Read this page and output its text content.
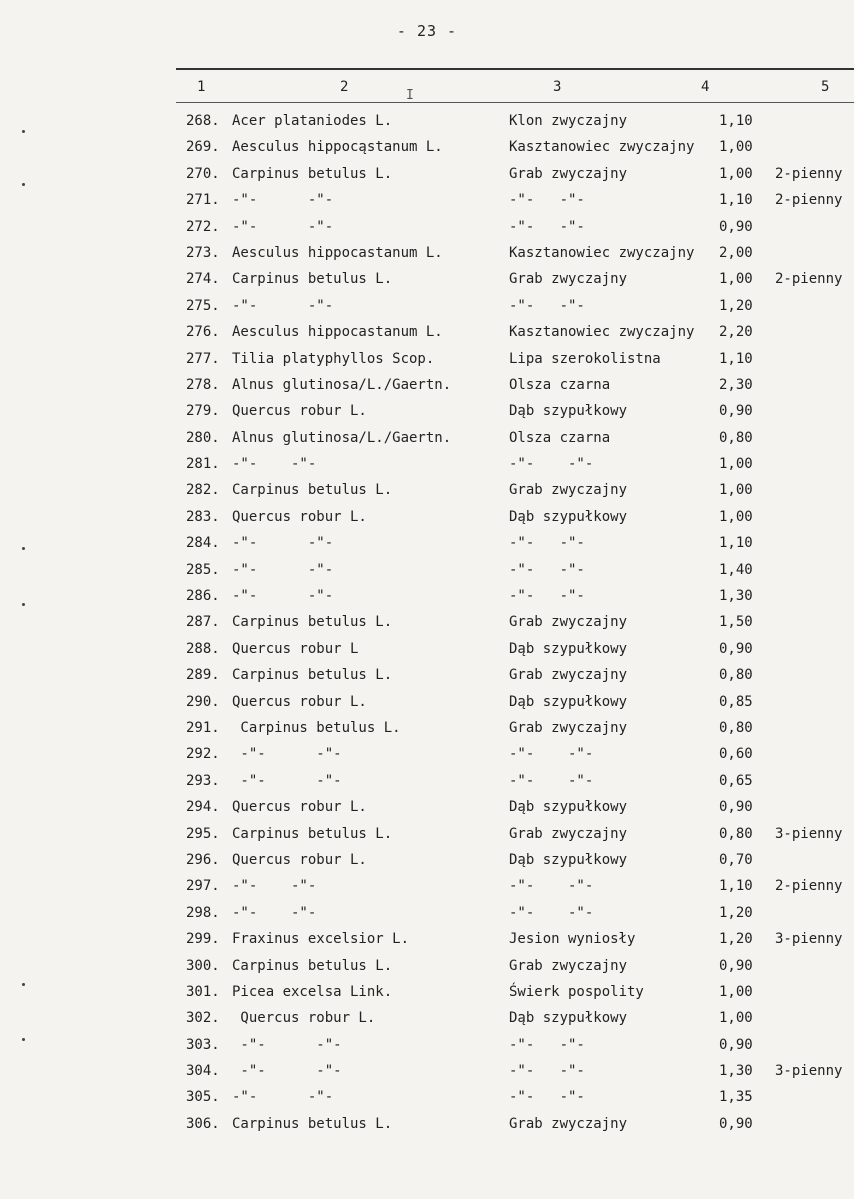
- 23 -
1	2	3	4	5
I
268. Acer plataniodes L.	Klon zwyczajny	1,10
269. Aesculus hippocąstanum L.	Kasztanowiec zwyczajny 1,00
270. Carpinus betulus L.	Grab zwyczajny	1,00 2-pienny
271. -"-      -"-	-"-   -"-	1,10 2-pienny
272. -"-      -"-	-"-   -"-	0,90
273. Aesculus hippocastanum L.	Kasztanowiec zwyczajny 2,00
274. Carpinus betulus L.	Grab zwyczajny	1,00 2-pienny
275. -"-      -"-	-"-   -"-	1,20
276. Aesculus hippocastanum L.	Kasztanowiec zwyczajny 2,20
277. Tilia platyphyllos Scop.	Lipa szerokolistna	1,10
278. Alnus glutinosa/L./Gaertn.	Olsza czarna	2,30
279. Quercus robur L.	Dąb szypułkowy	0,90
280. Alnus glutinosa/L./Gaertn.	Olsza czarna	0,80
281. -"-    -"-	-"-    -"-	1,00
282. Carpinus betulus L.	Grab zwyczajny	1,00
283. Quercus robur L.	Dąb szypułkowy	1,00
284. -"-      -"-	-"-   -"-	1,10
285. -"-      -"-	-"-   -"-	1,40
286. -"-      -"-	-"-   -"-	1,30
287. Carpinus betulus L.	Grab zwyczajny	1,50
288. Quercus robur L	Dąb szypułkowy	0,90
289. Carpinus betulus L.	Grab zwyczajny	0,80
290. Quercus robur L.	Dąb szypułkowy	0,85
291. Carpinus betulus L.	Grab zwyczajny	0,80
292. -"-      -"-	-"-    -"-	0,60
293. -"-      -"-	-"-    -"-	0,65
294. Quercus robur L.	Dąb szypułkowy	0,90
295. Carpinus betulus L.	Grab zwyczajny	0,80 3-pienny
296. Quercus robur L.	Dąb szypułkowy	0,70
297. -"-    -"-	-"-    -"-	1,10 2-pienny
298. -"-    -"-	-"-    -"-	1,20
299. Fraxinus excelsior L.	Jesion wyniosły	1,20 3-pienny
300. Carpinus betulus L.	Grab zwyczajny	0,90
301. Picea excelsa Link.	Świerk pospolity	1,00
302. Quercus robur L.	Dąb szypułkowy	1,00
303. -"-      -"-	-"-   -"-	0,90
304. -"-      -"-	-"-   -"-	1,30 3-pienny
305. -"-      -"-	-"-   -"-	1,35
306. Carpinus betulus L.	Grab zwyczajny	0,90
